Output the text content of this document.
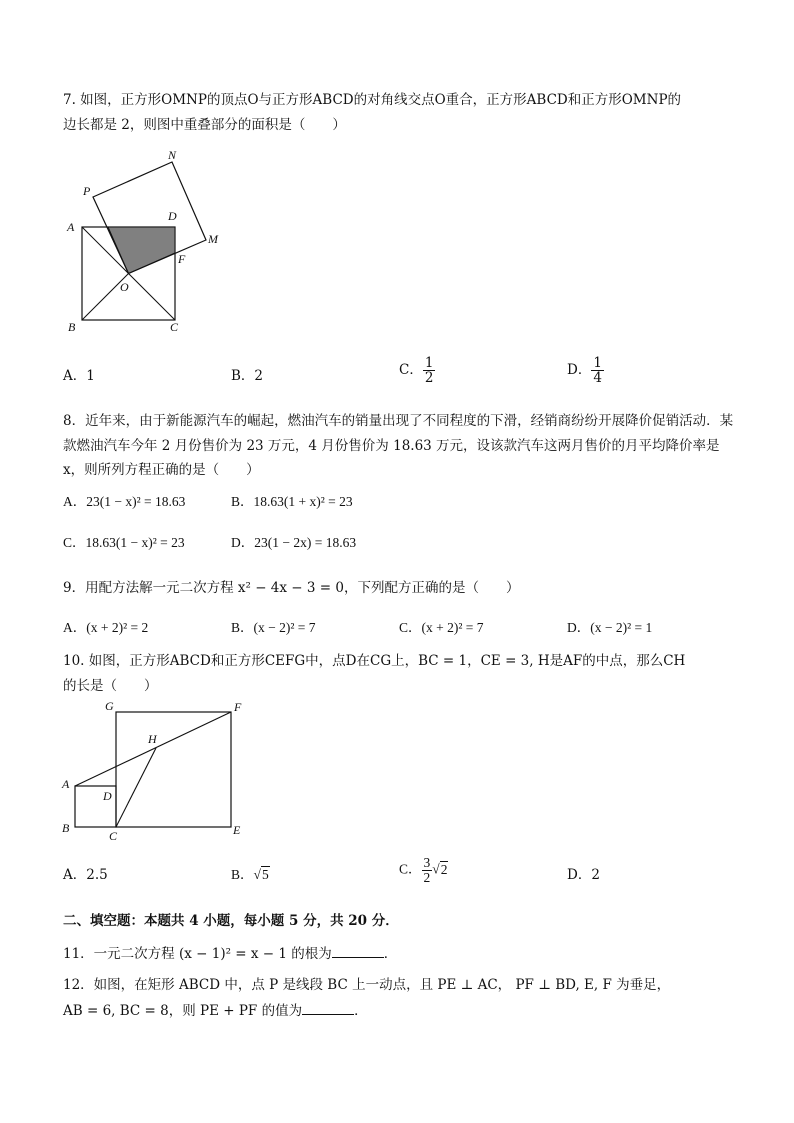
7. 如图，正方形OMNP的顶点O与正方形ABCD的对角线交点O重合，正方形ABCD和正方形OMNP的
边长都是 2，则图中重叠部分的面积是（　　）
N
P
A
D
M
F
O
B	C
A．1	B．2	C． $\frac{1}{2}$	D． $\frac{1}{4}$
8．近年来，由于新能源汽车的崛起，燃油汽车的销量出现了不同程度的下滑，经销商纷纷开展降价促销活动．某
款燃油汽车今年 2 月份售价为 23 万元，4 月份售价为 18.63 万元，设该款汽车这两月售价的月平均降价率是
x，则所列方程正确的是（　　）
A．23(1 − x)² = 18.63	B．18.63(1 + x)² = 23
C．18.63(1 − x)² = 23	D．23(1 − 2x) = 18.63
9．用配方法解一元二次方程 x² − 4x − 3 = 0，下列配方正确的是（　　）
A．(x + 2)² = 2	B．(x − 2)² = 7	C．(x + 2)² = 7	D．(x − 2)² = 1
10. 如图，正方形ABCD和正方形CEFG中，点D在CG上，BC = 1，CE = 3, H是AF的中点，那么CH
的长是（　　）
G	F
H
A
D
B
C	E
A．2.5	B．√5	C． $\frac{3}{2} √2$	D．2
二、填空题：本题共 4 小题，每小题 5 分，共 20 分．
11．一元二次方程 (x − 1)² = x − 1 的根为	．
12．如图，在矩形 ABCD 中，点 P 是线段 BC 上一动点，且 PE ⊥ AC， PF ⊥ BD, E, F 为垂足，
AB = 6, BC = 8，则 PE + PF 的值为	．
